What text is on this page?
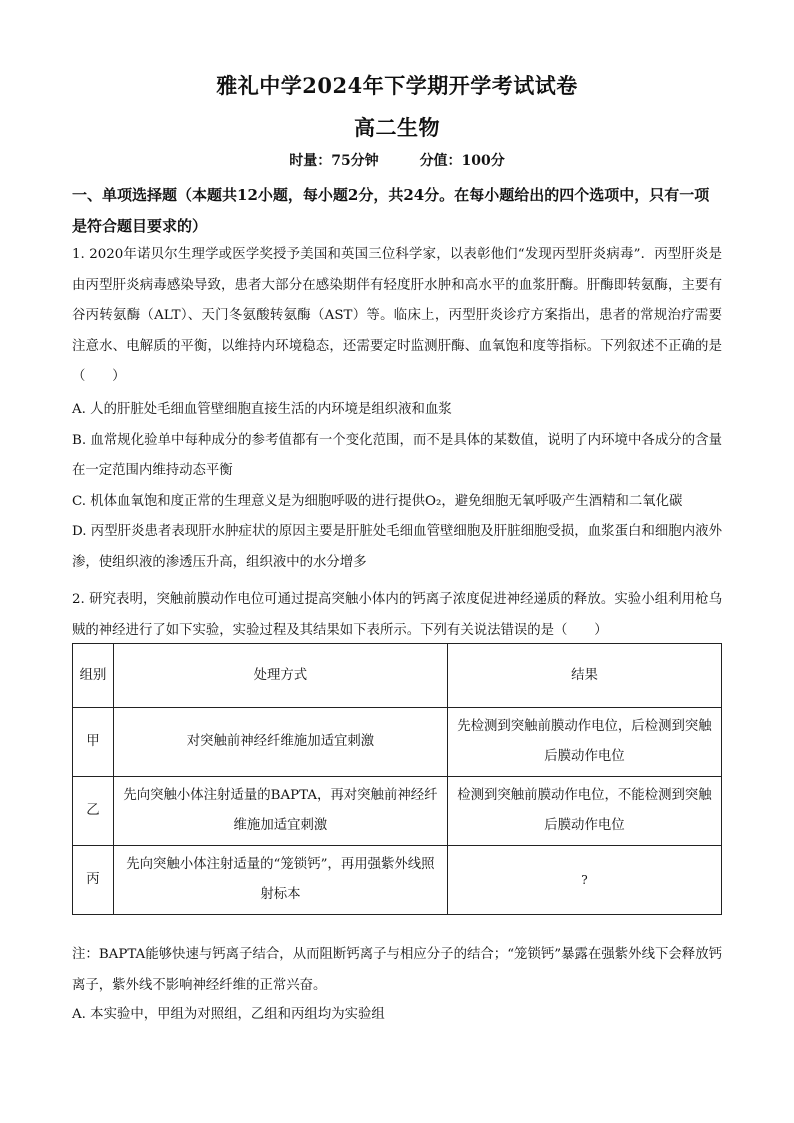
雅礼中学2024年下学期开学考试试卷
高二生物
时量：75分钟	分值：100分
一、单项选择题（本题共12小题，每小题2分，共24分。在每小题给出的四个选项中，只有一项是符合题目要求的）
1. 2020年诺贝尔生理学或医学奖授予美国和英国三位科学家，以表彰他们“发现丙型肝炎病毒”．丙型肝炎是由丙型肝炎病毒感染导致，患者大部分在感染期伴有轻度肝水肿和高水平的血浆肝酶。肝酶即转氨酶，主要有谷丙转氨酶（ALT）、天门冬氨酸转氨酶（AST）等。临床上，丙型肝炎诊疗方案指出，患者的常规治疗需要注意水、电解质的平衡，以维持内环境稳态，还需要定时监测肝酶、血氧饱和度等指标。下列叙述不正确的是（　　）
A. 人的肝脏处毛细血管壁细胞直接生活的内环境是组织液和血浆
B. 血常规化验单中每种成分的参考值都有一个变化范围，而不是具体的某数值，说明了内环境中各成分的含量在一定范围内维持动态平衡
C. 机体血氧饱和度正常的生理意义是为细胞呼吸的进行提供O₂，避免细胞无氧呼吸产生酒精和二氧化碳
D. 丙型肝炎患者表现肝水肿症状的原因主要是肝脏处毛细血管壁细胞及肝脏细胞受损，血浆蛋白和细胞内液外渗，使组织液的渗透压升高，组织液中的水分增多
2. 研究表明，突触前膜动作电位可通过提高突触小体内的钙离子浓度促进神经递质的释放。实验小组利用枪乌贼的神经进行了如下实验，实验过程及其结果如下表所示。下列有关说法错误的是（　　）
组别	处理方式	结果
甲	对突触前神经纤维施加适宜刺激	先检测到突触前膜动作电位，后检测到突触后膜动作电位
乙	先向突触小体注射适量的BAPTA，再对突触前神经纤维施加适宜刺激	检测到突触前膜动作电位，不能检测到突触后膜动作电位
丙	先向突触小体注射适量的“笼锁钙”，再用强紫外线照射标本	?
注：BAPTA能够快速与钙离子结合，从而阻断钙离子与相应分子的结合；“笼锁钙”暴露在强紫外线下会释放钙离子，紫外线不影响神经纤维的正常兴奋。
A. 本实验中，甲组为对照组，乙组和丙组均为实验组
